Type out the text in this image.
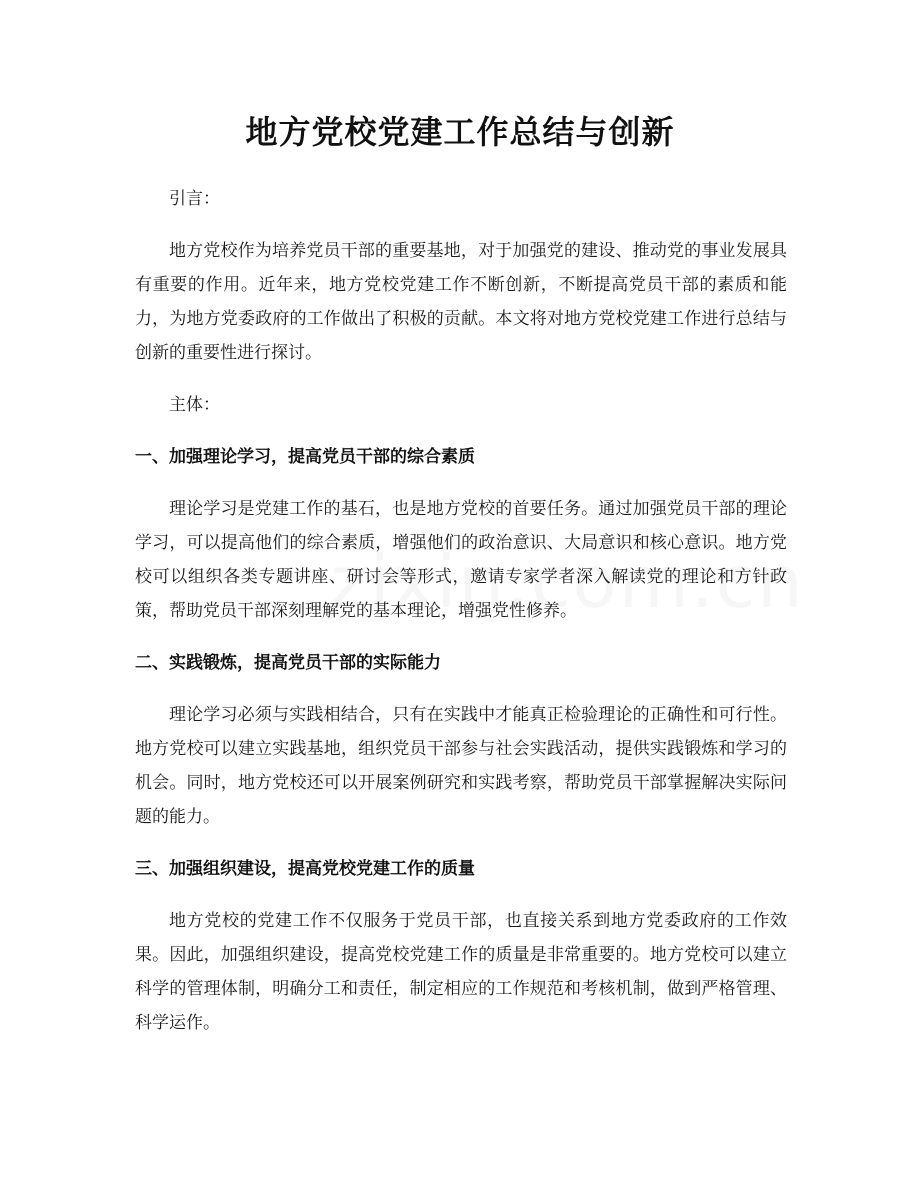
地方党校党建工作总结与创新

引言：

地方党校作为培养党员干部的重要基地，对于加强党的建设、推动党的事业发展具有重要的作用。近年来，地方党校党建工作不断创新，不断提高党员干部的素质和能力，为地方党委政府的工作做出了积极的贡献。本文将对地方党校党建工作进行总结与创新的重要性进行探讨。

主体：

一、加强理论学习，提高党员干部的综合素质

理论学习是党建工作的基石，也是地方党校的首要任务。通过加强党员干部的理论学习，可以提高他们的综合素质，增强他们的政治意识、大局意识和核心意识。地方党校可以组织各类专题讲座、研讨会等形式，邀请专家学者深入解读党的理论和方针政策，帮助党员干部深刻理解党的基本理论，增强党性修养。

二、实践锻炼，提高党员干部的实际能力

理论学习必须与实践相结合，只有在实践中才能真正检验理论的正确性和可行性。地方党校可以建立实践基地，组织党员干部参与社会实践活动，提供实践锻炼和学习的机会。同时，地方党校还可以开展案例研究和实践考察，帮助党员干部掌握解决实际问题的能力。

三、加强组织建设，提高党校党建工作的质量

地方党校的党建工作不仅服务于党员干部，也直接关系到地方党委政府的工作效果。因此，加强组织建设，提高党校党建工作的质量是非常重要的。地方党校可以建立科学的管理体制，明确分工和责任，制定相应的工作规范和考核机制，做到严格管理、科学运作。
